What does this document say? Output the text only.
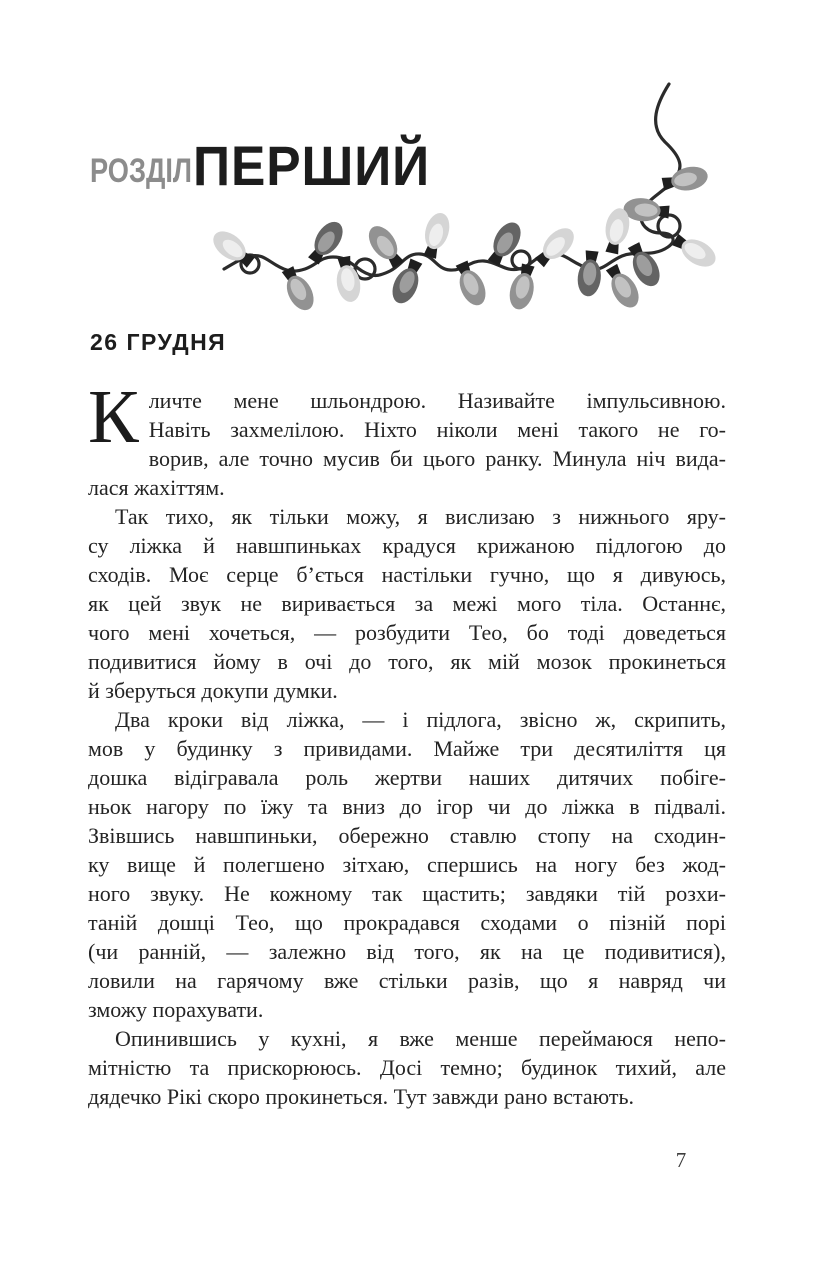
РОЗДІЛ ПЕРШИЙ
26 ГРУДНЯ
К личте мене шльондрою. Називайте імпульсивною.
Навіть захмелілою. Ніхто ніколи мені такого не го-
ворив, але точно мусив би цього ранку. Минула ніч вида-
лася жахіттям.
Так тихо, як тільки можу, я вислизаю з нижнього яру-
су ліжка й навшпиньках крадуся крижаною підлогою до
сходів. Моє серце б’ється настільки гучно, що я дивуюсь,
як цей звук не виривається за межі мого тіла. Останнє,
чого мені хочеться, — розбудити Тео, бо тоді доведеться
подивитися йому в очі до того, як мій мозок прокинеться
й зберуться докупи думки.
Два кроки від ліжка, — і підлога, звісно ж, скрипить,
мов у будинку з привидами. Майже три десятиліття ця
дошка відігравала роль жертви наших дитячих побіге-
ньок нагору по їжу та вниз до ігор чи до ліжка в підвалі.
Звівшись навшпиньки, обережно ставлю стопу на сходин-
ку вище й полегшено зітхаю, спершись на ногу без жод-
ного звуку. Не кожному так щастить; завдяки тій розхи-
таній дошці Тео, що прокрадався сходами о пізній порі
(чи ранній, — залежно від того, як на це подивитися),
ловили на гарячому вже стільки разів, що я навряд чи
зможу порахувати.
Опинившись у кухні, я вже менше переймаюся непо-
мітністю та прискорююсь. Досі темно; будинок тихий, але
дядечко Рікі скоро прокинеться. Тут завжди рано встають.
7
